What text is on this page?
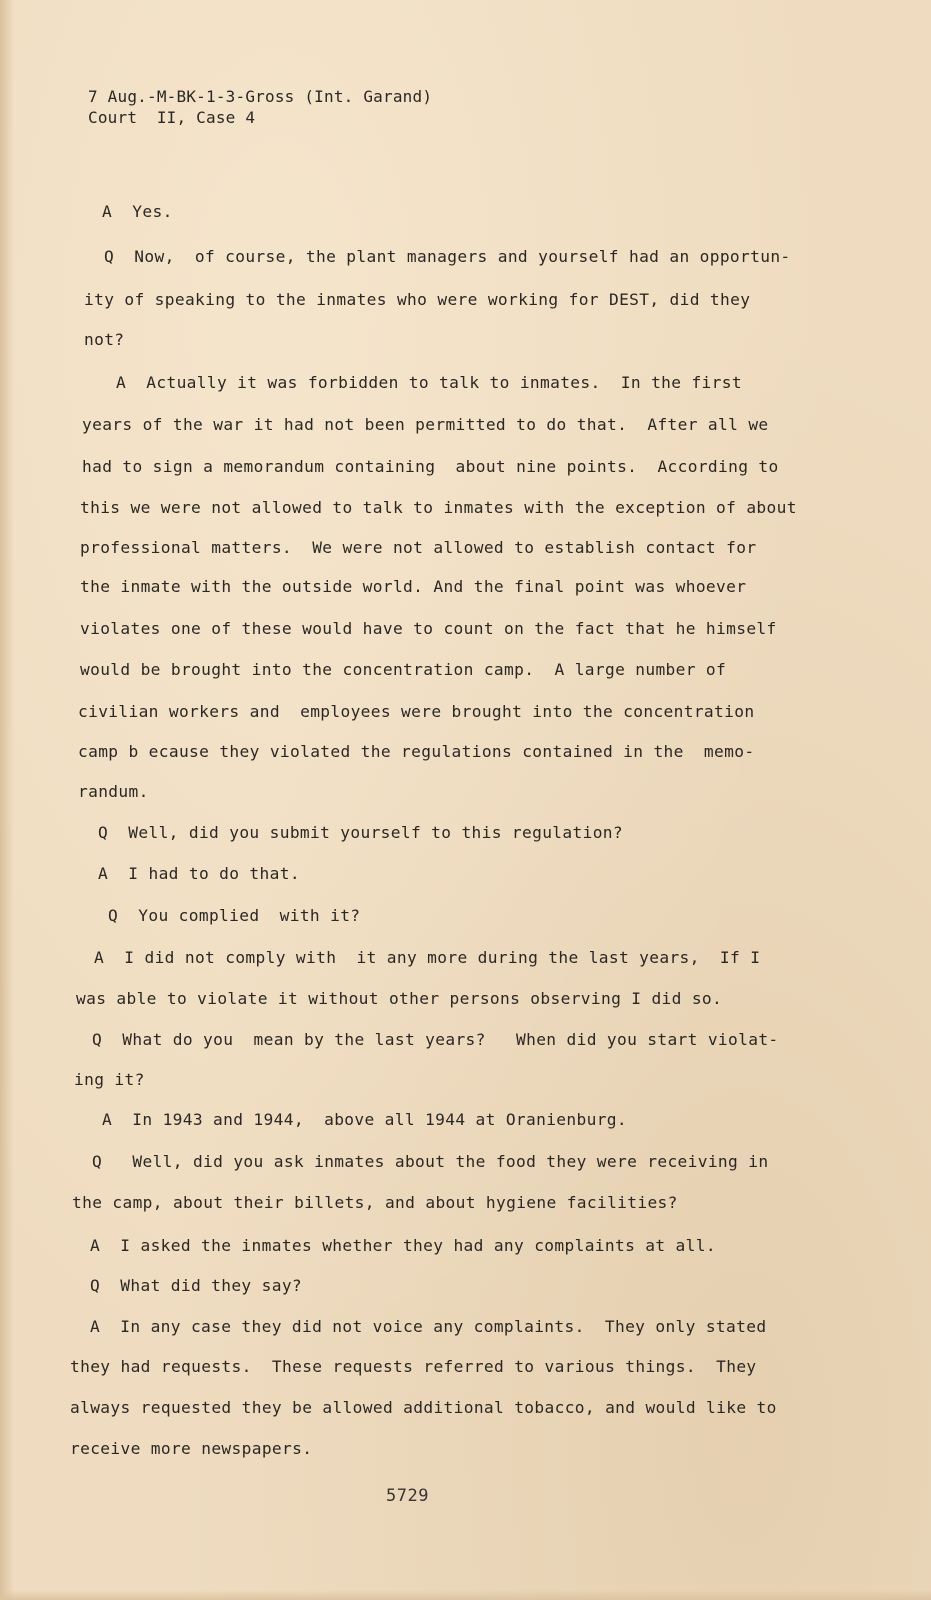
7 Aug.-M-BK-1-3-Gross (Int. Garand)
Court  II, Case 4
A  Yes.
Q  Now,  of course, the plant managers and yourself had an opportun-
ity of speaking to the inmates who were working for DEST, did they
not?
A  Actually it was forbidden to talk to inmates.  In the first
years of the war it had not been permitted to do that.  After all we
had to sign a memorandum containing  about nine points.  According to
this we were not allowed to talk to inmates with the exception of about
professional matters.  We were not allowed to establish contact for
the inmate with the outside world. And the final point was whoever
violates one of these would have to count on the fact that he himself
would be brought into the concentration camp.  A large number of
civilian workers and  employees were brought into the concentration
camp b ecause they violated the regulations contained in the  memo-
randum.
Q  Well, did you submit yourself to this regulation?
A  I had to do that.
Q  You complied  with it?
A  I did not comply with  it any more during the last years,  If I
was able to violate it without other persons observing I did so.
Q  What do you  mean by the last years?   When did you start violat-
ing it?
A  In 1943 and 1944,  above all 1944 at Oranienburg.
Q   Well, did you ask inmates about the food they were receiving in
the camp, about their billets, and about hygiene facilities?
A  I asked the inmates whether they had any complaints at all.
Q  What did they say?
A  In any case they did not voice any complaints.  They only stated
they had requests.  These requests referred to various things.  They
always requested they be allowed additional tobacco, and would like to
receive more newspapers.
5729
